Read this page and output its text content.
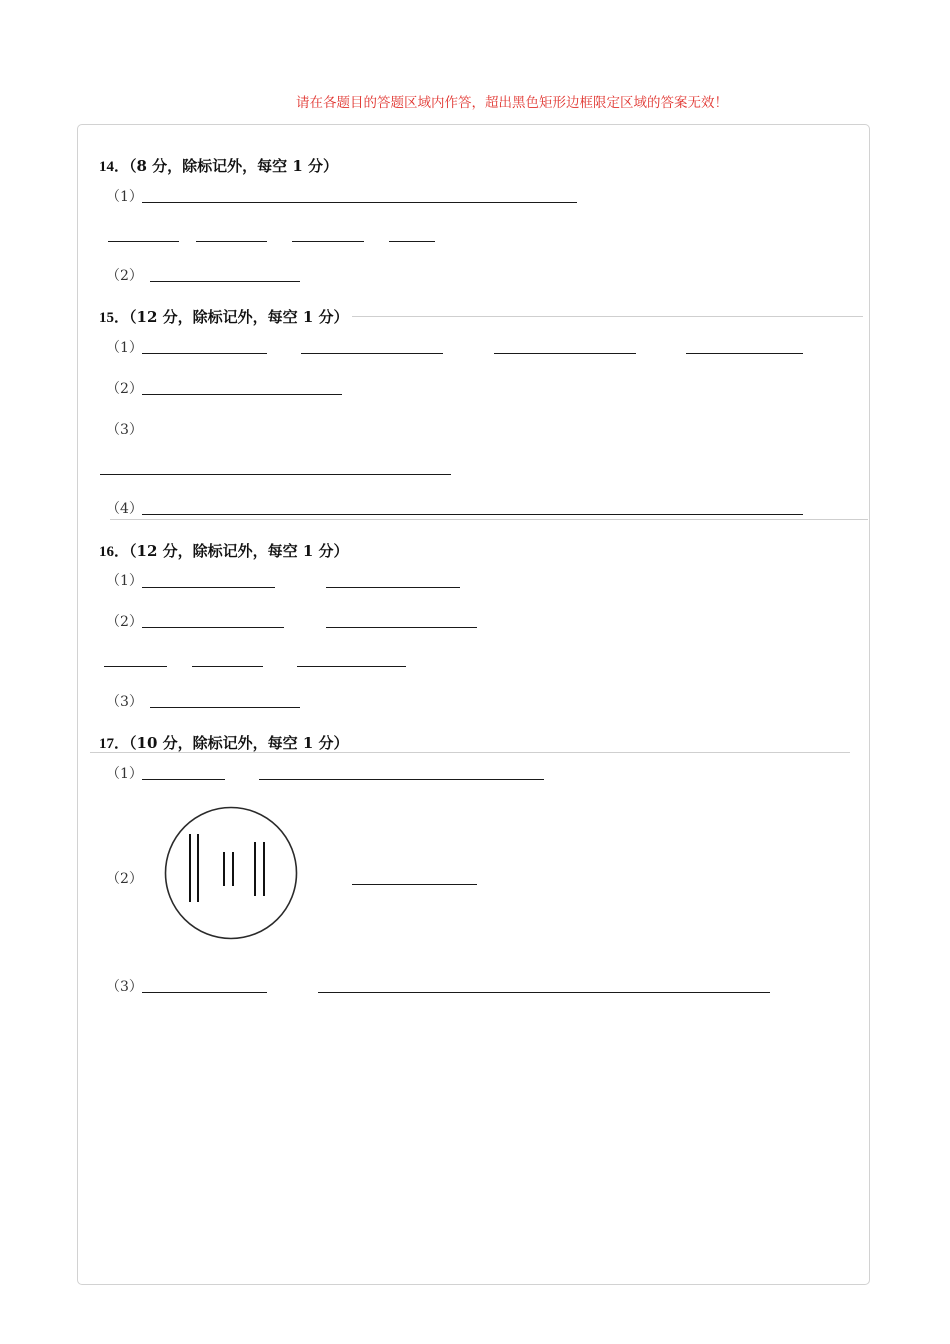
请在各题目的答题区域内作答，超出黑色矩形边框限定区域的答案无效！
14．（8 分，除标记外，每空 1 分）
（1）
（2）
15．（12 分，除标记外，每空 1 分）
（1）
（2）
（3）
（4）
16．（12 分，除标记外，每空 1 分）
（1）
（2）
（3）
17．（10 分，除标记外，每空 1 分）
（1）
（2）
（3）
